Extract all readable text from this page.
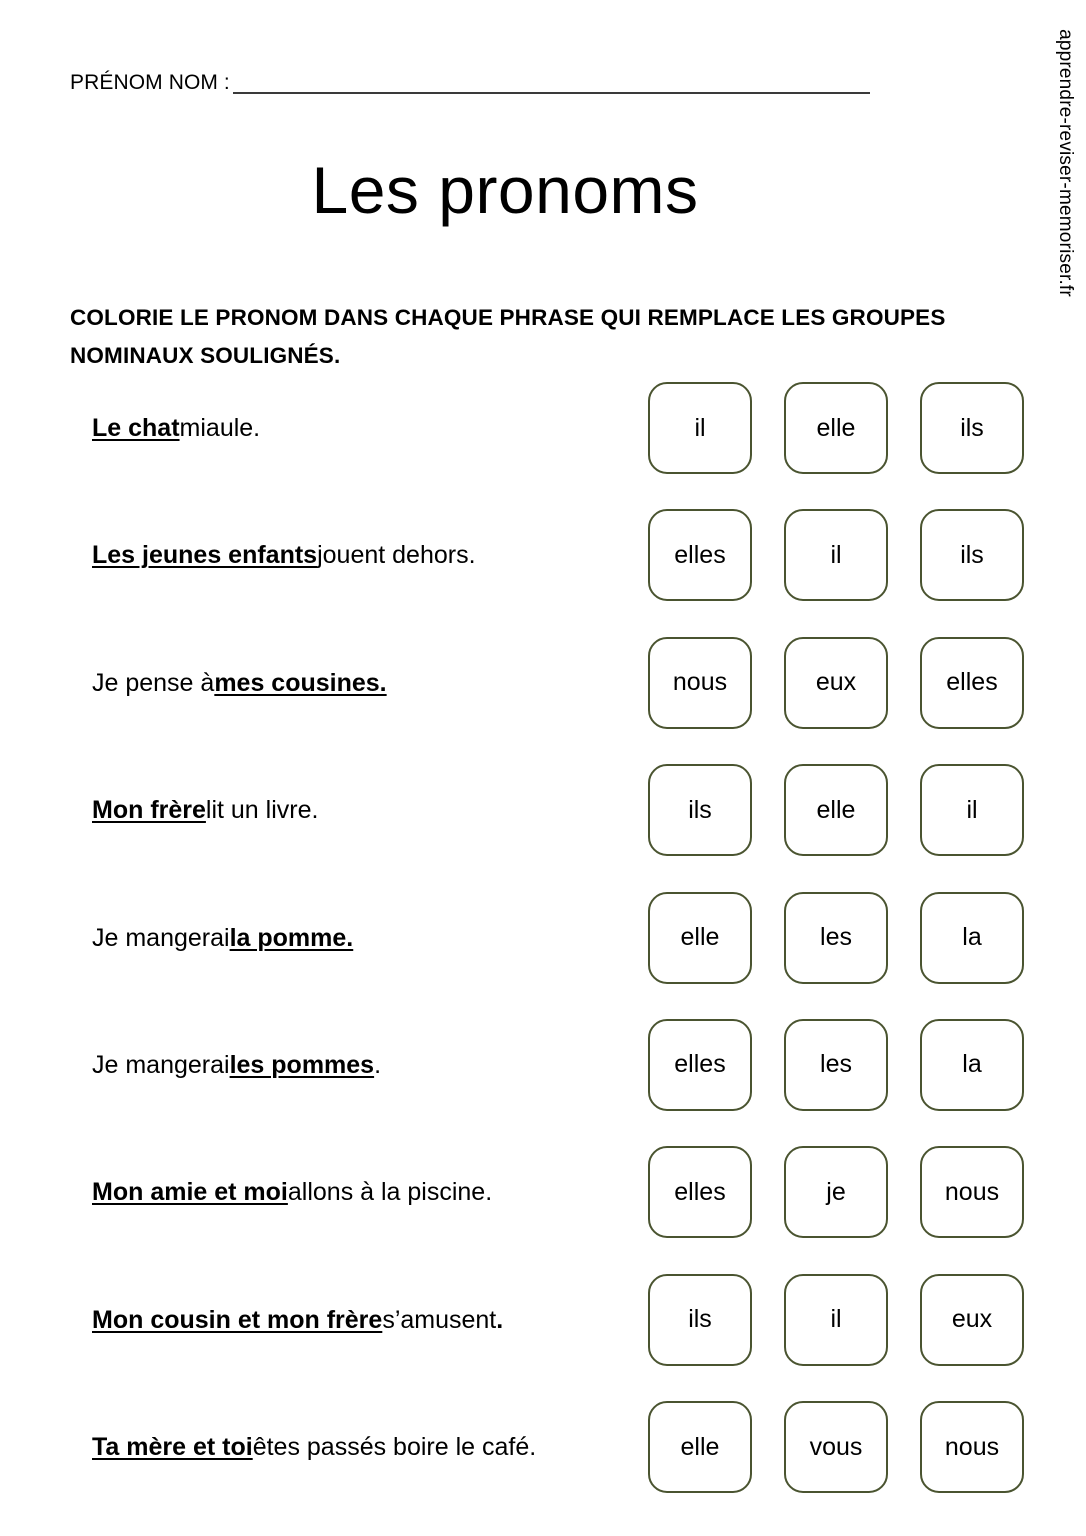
PRÉNOM NOM :
Les pronoms

COLORIE LE PRONOM DANS CHAQUE PHRASE QUI REMPLACE LES GROUPES NOMINAUX SOULIGNÉS.

Le chat miaule.	il	elle	ils
Les jeunes enfants jouent dehors.	elles	il	ils
Je pense à mes cousines.	nous	eux	elles
Mon frère lit un livre.	ils	elle	il
Je mangerai la pomme.	elle	les	la
Je mangerai les pommes .	elles	les	la
Mon amie et moi allons à la piscine.	elles	je	nous
Mon cousin et mon frère s’amusent .	ils	il	eux
Ta mère et toi êtes passés boire le café.	elle	vous	nous
apprendre-reviser-memoriser.fr
